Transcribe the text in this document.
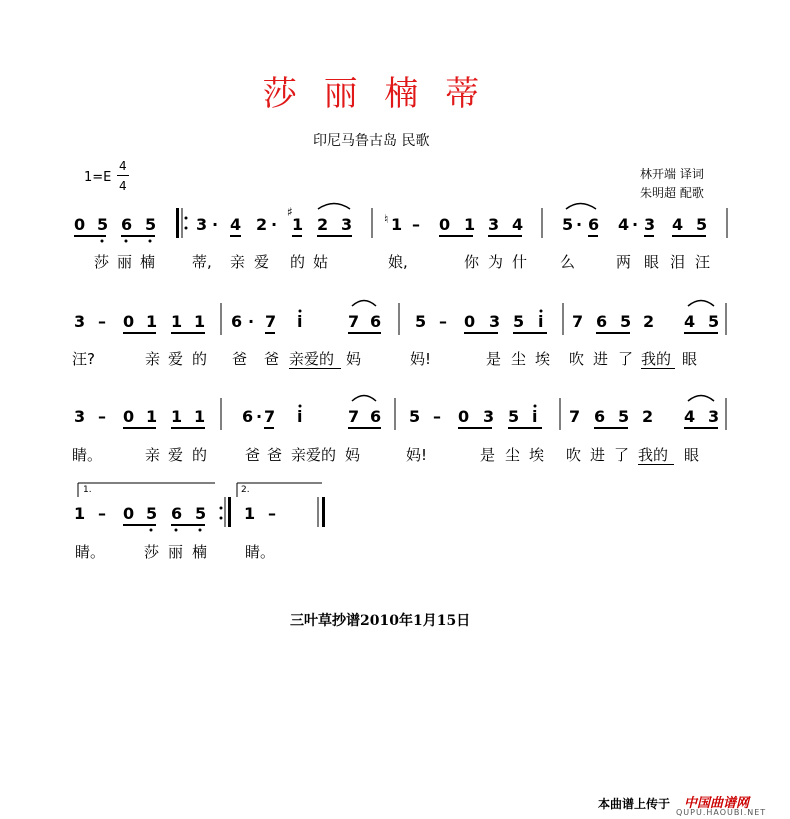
莎 丽 楠 蒂
印尼马鲁古岛 民歌
1=E
4
4
林开端 译词
朱明超 配歌
0 5 6 5 3 · 4 2 ·
♯
1 2 3	♮ 1 – 0 1 3 4 5 · 6 4 · 3 4 5
3 – 0 1 1 1 6 · 7 i	7 6 5 – 0 3 5 i 7 6 5 2 4 5
3 – 0 1 1 1 6 · 7 i	7 6 5 – 0 3 5 i 7 6 5 2 4 3
1 – 0 5 6 5 1 –
1.	2.
莎 丽 楠 蒂, 亲 爱 的 姑	娘,	你 为 什 么	两 眼 泪 汪
汪?	亲 爱 的 爸 爸 亲爱的 妈	妈!	是 尘 埃 吹 进 了 我的 眼
睛。	亲 爱 的	爸 爸 亲爱的 妈	妈!	是 尘 埃 吹 进 了 我的 眼
睛。	莎 丽 楠	睛。
三叶草抄谱2010年1月15日
本曲谱上传于 中国曲谱网
QUPU.HAOUBI.NET
